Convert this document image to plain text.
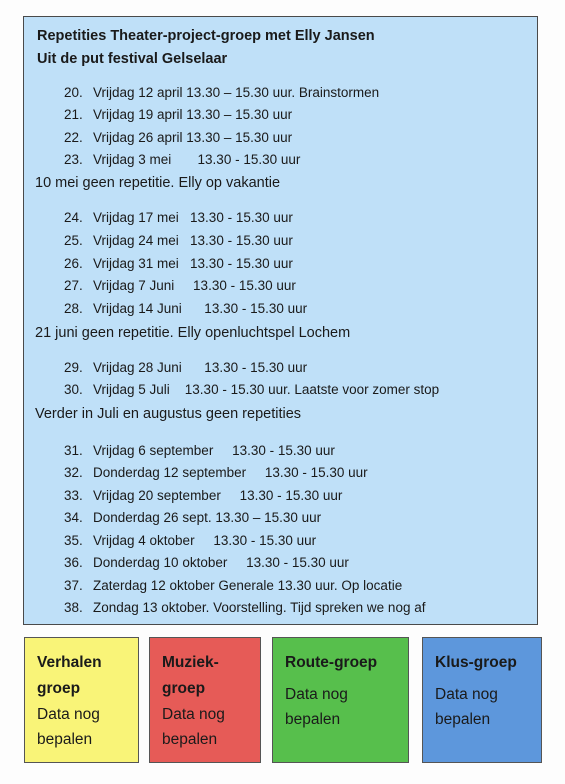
Repetities Theater-project-groep met Elly Jansen
Uit de put festival Gelselaar
20. Vrijdag 12 april 13.30 – 15.30 uur. Brainstormen
21. Vrijdag 19 april 13.30 – 15.30 uur
22. Vrijdag 26 april 13.30 – 15.30 uur
23. Vrijdag 3 mei       13.30 - 15.30 uur
10 mei geen repetitie. Elly op vakantie
24. Vrijdag 17 mei   13.30 - 15.30 uur
25. Vrijdag 24 mei   13.30 - 15.30 uur
26. Vrijdag 31 mei   13.30 - 15.30 uur
27. Vrijdag 7 Juni     13.30 - 15.30 uur
28. Vrijdag 14 Juni      13.30 - 15.30 uur
21 juni geen repetitie. Elly openluchtspel Lochem
29. Vrijdag 28 Juni      13.30 - 15.30 uur
30. Vrijdag 5 Juli    13.30 - 15.30 uur. Laatste voor zomer stop
Verder in Juli en augustus geen repetities
31. Vrijdag 6 september     13.30 - 15.30 uur
32. Donderdag 12 september     13.30 - 15.30 uur
33. Vrijdag 20 september     13.30 - 15.30 uur
34. Donderdag 26 sept. 13.30 – 15.30 uur
35. Vrijdag 4 oktober     13.30 - 15.30 uur
36. Donderdag 10 oktober     13.30 - 15.30 uur
37. Zaterdag 12 oktober Generale 13.30 uur. Op locatie
38. Zondag 13 oktober. Voorstelling. Tijd spreken we nog af
Verhalen
groep
Data nog
bepalen
Muziek-
groep
Data nog
bepalen
Route-groep
Data nog
bepalen
Klus-groep
Data nog
bepalen
